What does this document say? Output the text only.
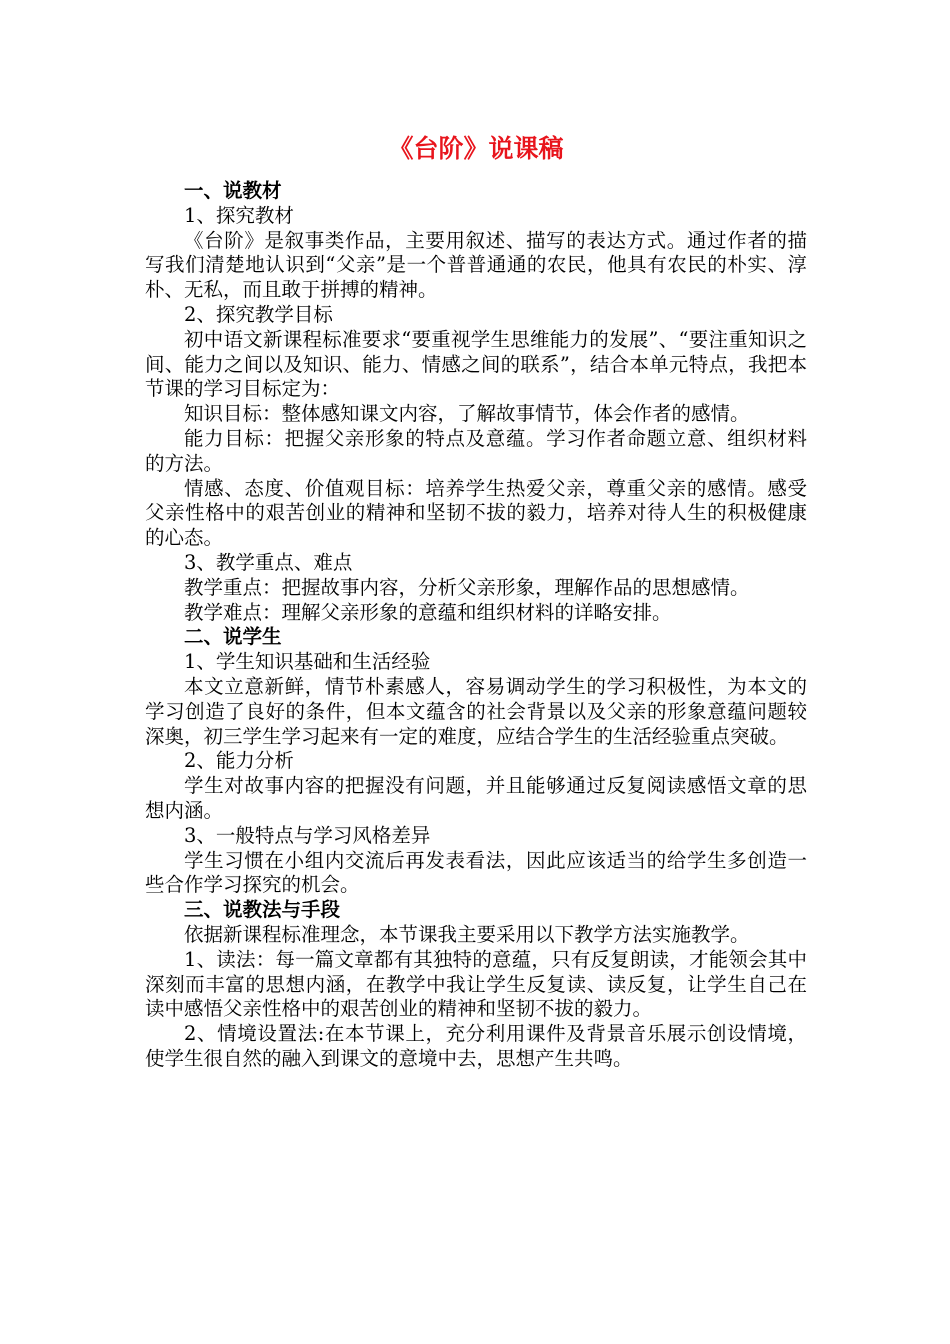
《台阶》说课稿
一、说教材
1、探究教材
《台阶》是叙事类作品，主要用叙述、描写的表达方式。通过作者的描写我们清楚地认识到“父亲”是一个普普通通的农民，他具有农民的朴实、淳朴、无私，而且敢于拼搏的精神。
2、探究教学目标
初中语文新课程标准要求“要重视学生思维能力的发展”、“要注重知识之间、能力之间以及知识、能力、情感之间的联系”，结合本单元特点，我把本节课的学习目标定为：
知识目标：整体感知课文内容，了解故事情节，体会作者的感情。
能力目标：把握父亲形象的特点及意蕴。学习作者命题立意、组织材料的方法。
情感、态度、价值观目标：培养学生热爱父亲，尊重父亲的感情。感受父亲性格中的艰苦创业的精神和坚韧不拔的毅力，培养对待人生的积极健康的心态。
3、教学重点、难点
教学重点：把握故事内容，分析父亲形象，理解作品的思想感情。
教学难点：理解父亲形象的意蕴和组织材料的详略安排。
二、说学生
1、学生知识基础和生活经验
本文立意新鲜，情节朴素感人，容易调动学生的学习积极性，为本文的学习创造了良好的条件，但本文蕴含的社会背景以及父亲的形象意蕴问题较深奥，初三学生学习起来有一定的难度，应结合学生的生活经验重点突破。
2、能力分析
学生对故事内容的把握没有问题，并且能够通过反复阅读感悟文章的思想内涵。
3、一般特点与学习风格差异
学生习惯在小组内交流后再发表看法，因此应该适当的给学生多创造一些合作学习探究的机会。
三、说教法与手段
依据新课程标准理念，本节课我主要采用以下教学方法实施教学。
1、读法：每一篇文章都有其独特的意蕴，只有反复朗读，才能领会其中深刻而丰富的思想内涵，在教学中我让学生反复读、读反复，让学生自己在读中感悟父亲性格中的艰苦创业的精神和坚韧不拔的毅力。
2、情境设置法:在本节课上，充分利用课件及背景音乐展示创设情境，使学生很自然的融入到课文的意境中去，思想产生共鸣。
